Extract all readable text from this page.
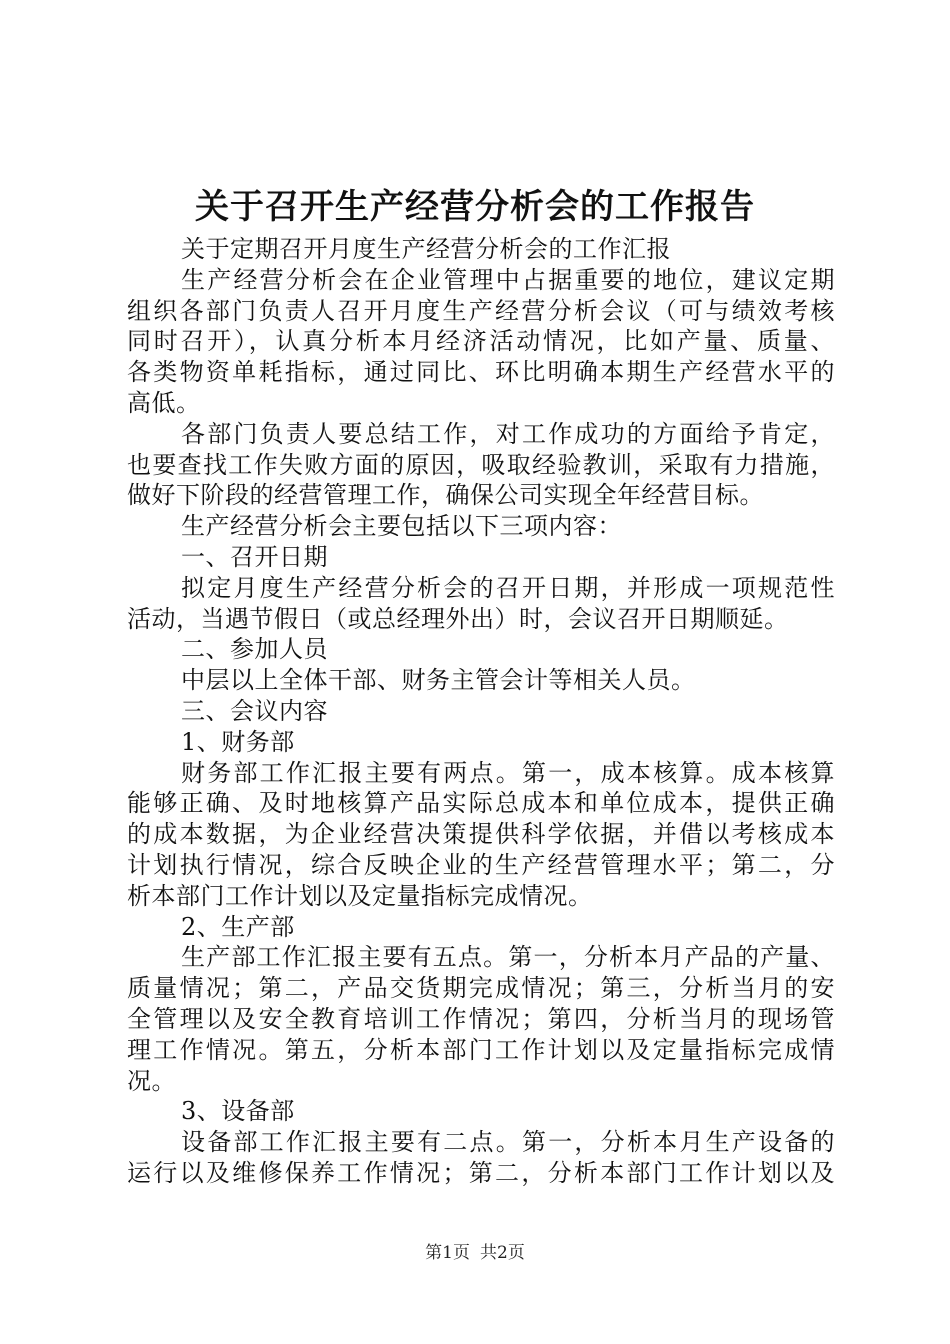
关于召开生产经营分析会的工作报告
关于定期召开月度生产经营分析会的工作汇报
生产经营分析会在企业管理中占据重要的地位，建议定期
组织各部门负责人召开月度生产经营分析会议（可与绩效考核
同时召开），认真分析本月经济活动情况，比如产量、质量、
各类物资单耗指标，通过同比、环比明确本期生产经营水平的
高低。
各部门负责人要总结工作，对工作成功的方面给予肯定，
也要查找工作失败方面的原因，吸取经验教训，采取有力措施，
做好下阶段的经营管理工作，确保公司实现全年经营目标。
生产经营分析会主要包括以下三项内容：
一、召开日期
拟定月度生产经营分析会的召开日期，并形成一项规范性
活动，当遇节假日（或总经理外出）时，会议召开日期顺延。
二、参加人员
中层以上全体干部、财务主管会计等相关人员。
三、会议内容
1、财务部
财务部工作汇报主要有两点。第一，成本核算。成本核算
能够正确、及时地核算产品实际总成本和单位成本，提供正确
的成本数据，为企业经营决策提供科学依据，并借以考核成本
计划执行情况，综合反映企业的生产经营管理水平；第二，分
析本部门工作计划以及定量指标完成情况。
2、生产部
生产部工作汇报主要有五点。第一，分析本月产品的产量、
质量情况；第二，产品交货期完成情况；第三，分析当月的安
全管理以及安全教育培训工作情况；第四，分析当月的现场管
理工作情况。第五，分析本部门工作计划以及定量指标完成情
况。
3、设备部
设备部工作汇报主要有二点。第一，分析本月生产设备的
运行以及维修保养工作情况；第二，分析本部门工作计划以及
第1页 共2页
